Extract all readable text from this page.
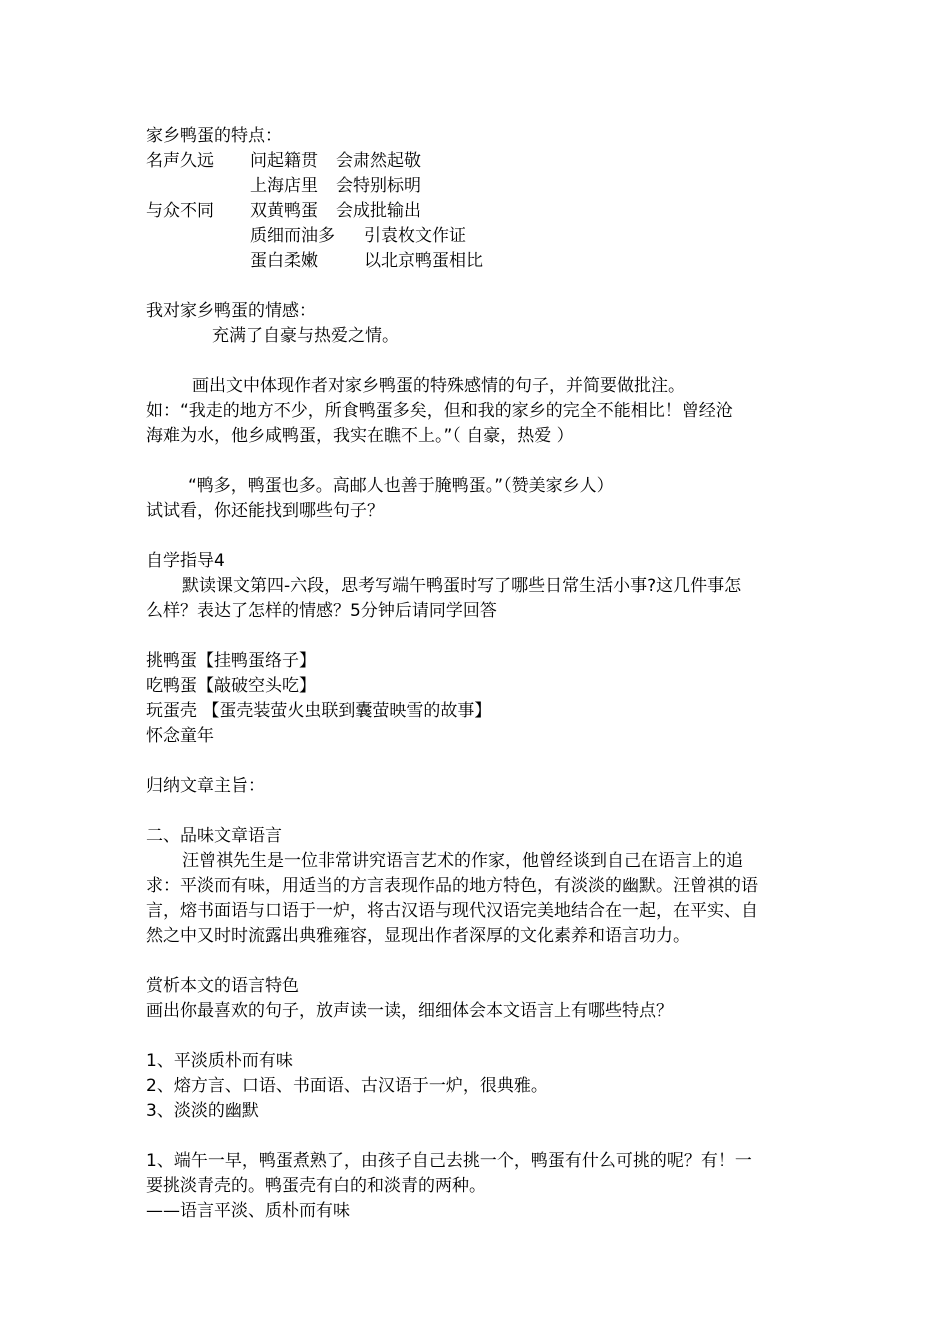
家乡鸭蛋的特点：
名声久远 问起籍贯 会肃然起敬
上海店里 会特别标明
与众不同 双黄鸭蛋 会成批输出
质细而油多 引袁枚文作证
蛋白柔嫩	以北京鸭蛋相比
我对家乡鸭蛋的情感：
充满了自豪与热爱之情。
画出文中体现作者对家乡鸭蛋的特殊感情的句子，并简要做批注。
如：“我走的地方不少，所食鸭蛋多矣，但和我的家乡的完全不能相比！曾经沧
海难为水，他乡咸鸭蛋，我实在瞧不上。”（ 自豪，热爱 ）
“鸭多，鸭蛋也多。高邮人也善于腌鸭蛋。”（赞美家乡人）
试试看，你还能找到哪些句子？
自学指导4
默读课文第四-六段，思考写端午鸭蛋时写了哪些日常生活小事?这几件事怎
么样？表达了怎样的情感？5分钟后请同学回答
挑鸭蛋【挂鸭蛋络子】
吃鸭蛋【敲破空头吃】
玩蛋壳 【蛋壳装萤火虫联到囊萤映雪的故事】
怀念童年
归纳文章主旨：
二、品味文章语言
汪曾祺先生是一位非常讲究语言艺术的作家，他曾经谈到自己在语言上的追
求：平淡而有味，用适当的方言表现作品的地方特色，有淡淡的幽默。汪曾祺的语
言，熔书面语与口语于一炉，将古汉语与现代汉语完美地结合在一起，在平实、自
然之中又时时流露出典雅雍容，显现出作者深厚的文化素养和语言功力。
赏析本文的语言特色
画出你最喜欢的句子，放声读一读，细细体会本文语言上有哪些特点？
1、平淡质朴而有味
2、熔方言、口语、书面语、古汉语于一炉，很典雅。
3、淡淡的幽默
1、端午一早，鸭蛋煮熟了，由孩子自己去挑一个，鸭蛋有什么可挑的呢？有！一
要挑淡青壳的。鸭蛋壳有白的和淡青的两种。
——语言平淡、质朴而有味
